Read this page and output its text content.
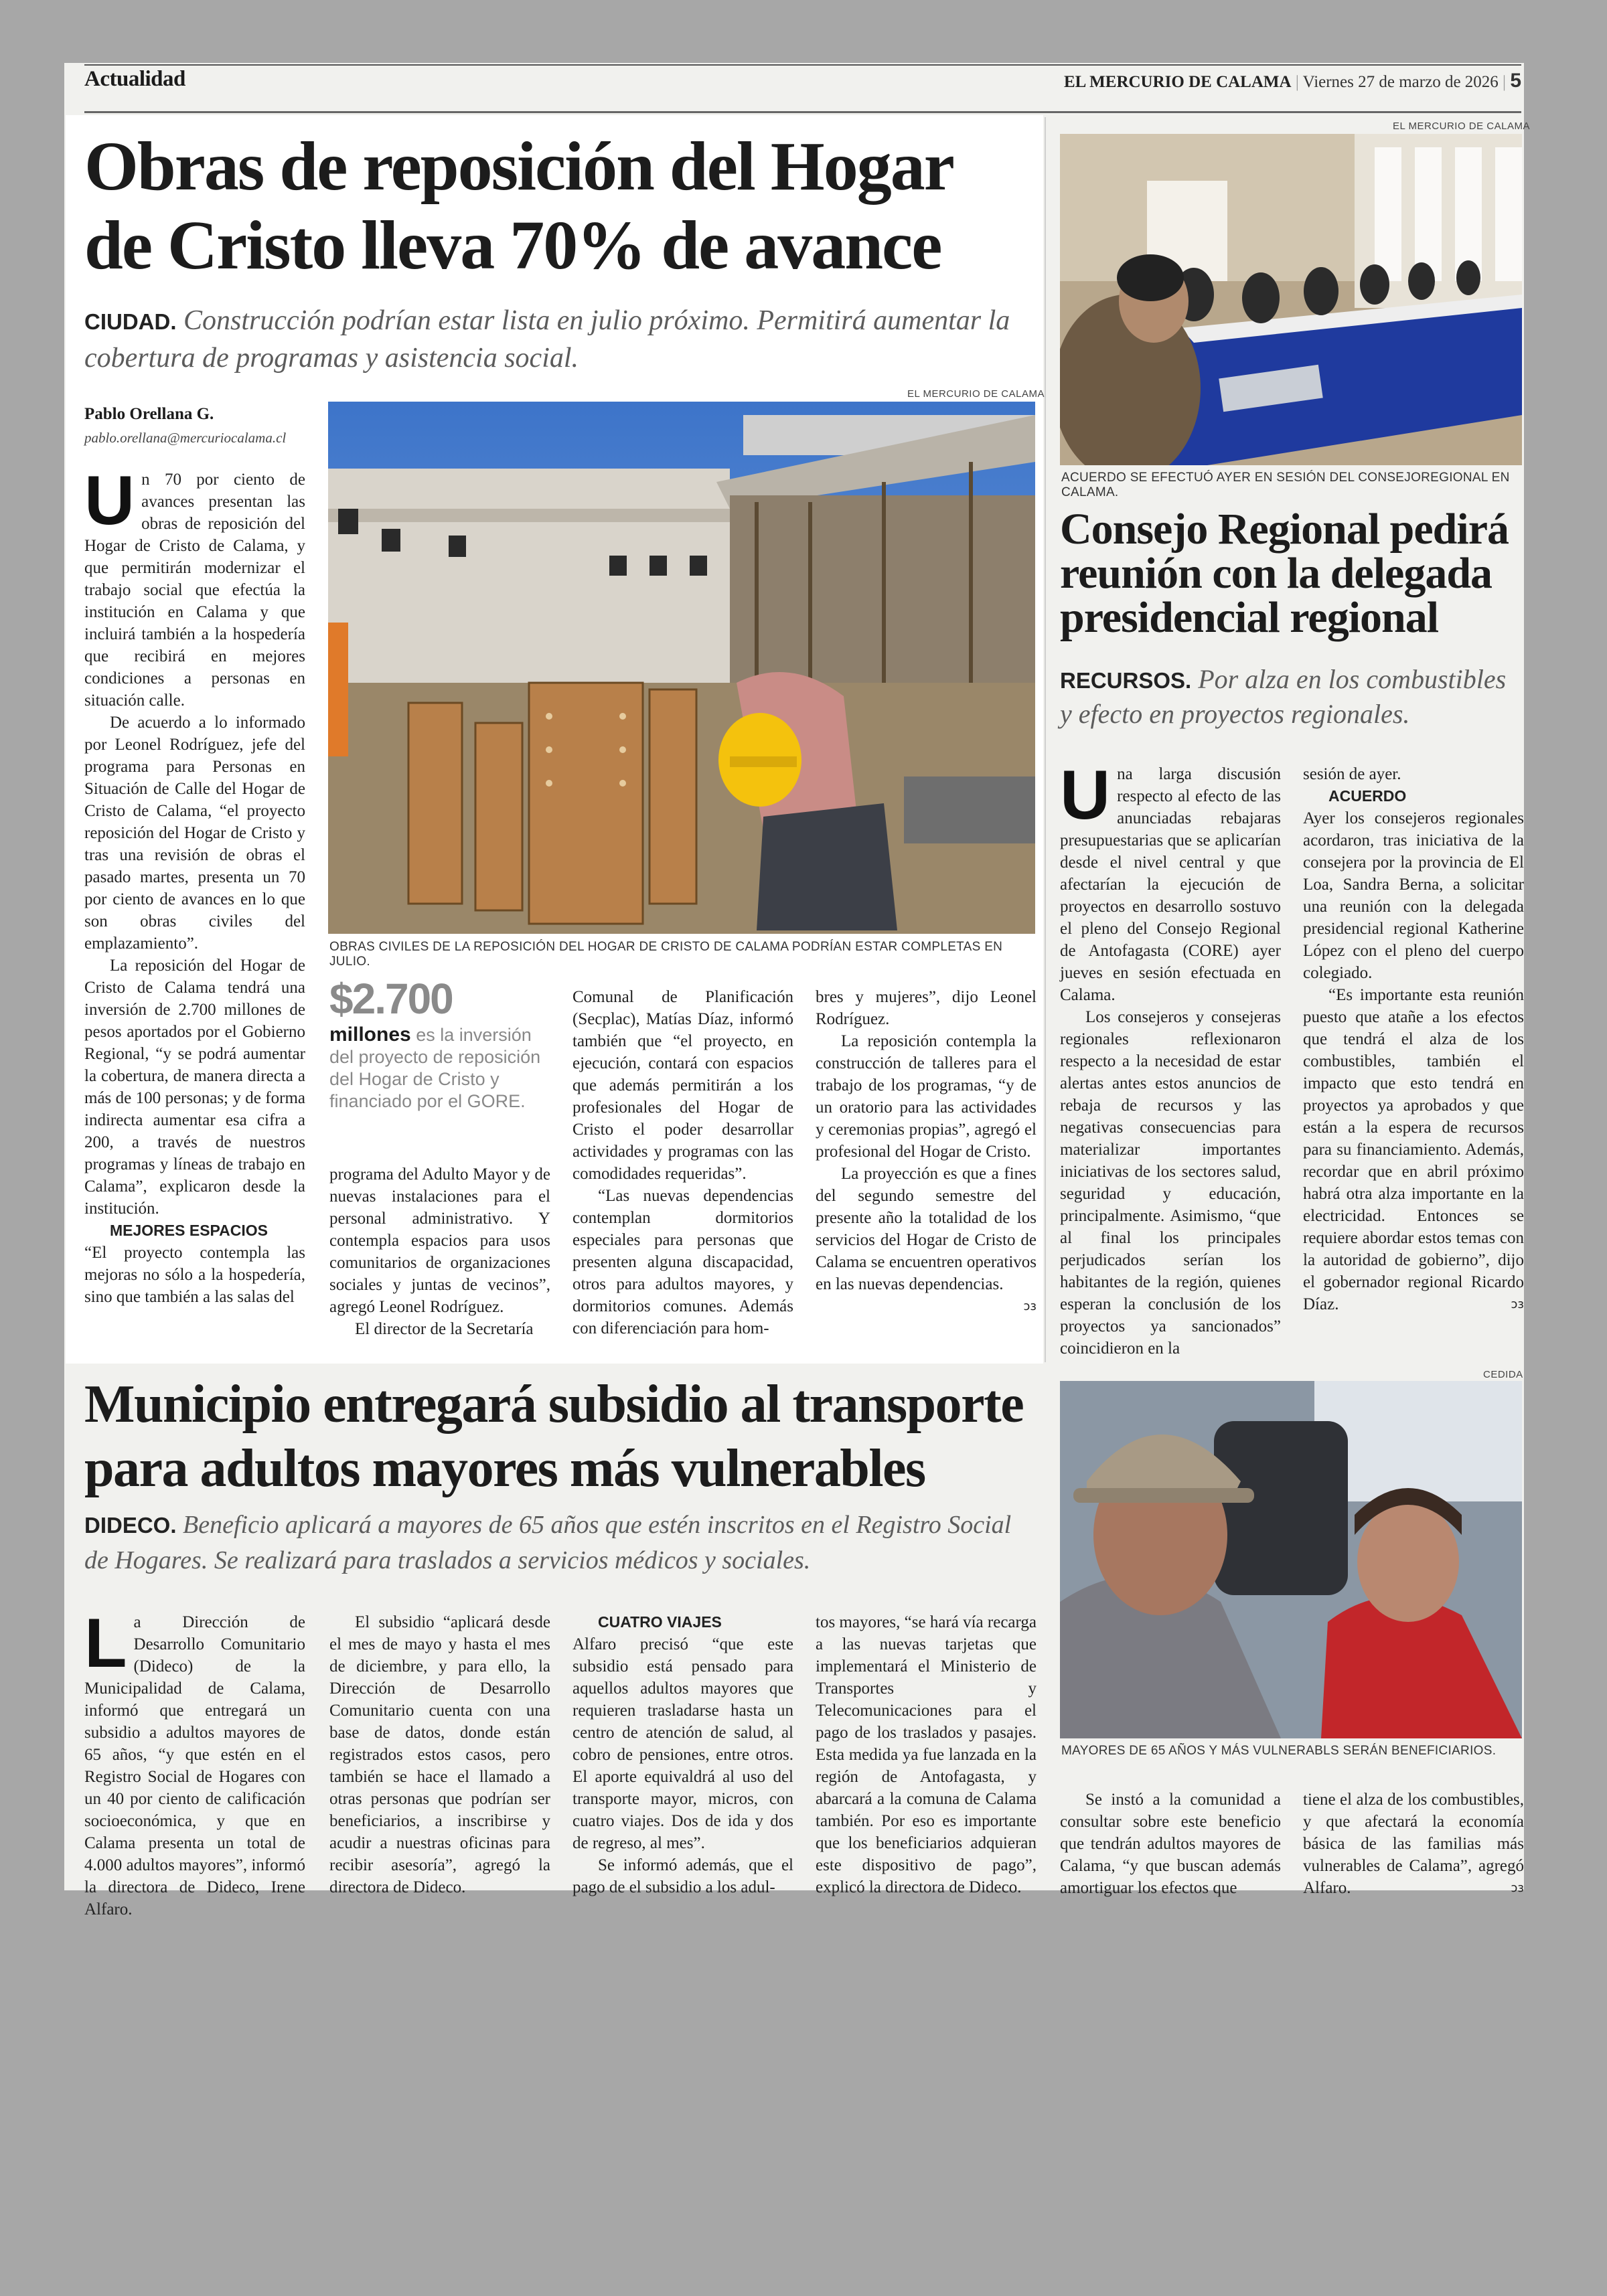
Actualidad	EL MERCURIO DE CALAMA | Viernes 27 de marzo de 2026 | 5
Obras de reposición del Hogar
de Cristo lleva 70% de avance
CIUDAD. Construcción podrían estar lista en julio próximo. Permitirá aumentar la cobertura de programas y asistencia social.
Pablo Orellana G.
pablo.orellana@mercuriocalama.cl
EL MERCURIO DE CALAMA
OBRAS CIVILES DE LA REPOSICIÓN DEL HOGAR DE CRISTO DE CALAMA PODRÍAN ESTAR COMPLETAS EN JULIO.

Un 70 por ciento de avances presentan las obras de reposición del Hogar de Cristo de Calama, y que permitirán modernizar el trabajo social que efectúa la institución en Calama y que incluirá también a la hospedería que recibirá en mejores condiciones a personas en situación calle.

De acuerdo a lo informado por Leonel Rodríguez, jefe del programa para Personas en Situación de Calle del Hogar de Cristo de Calama, “el proyecto reposición del Hogar de Cristo y tras una revisión de obras el pasado martes, presenta un 70 por ciento de avances en lo que son obras civiles del emplazamiento”.

La reposición del Hogar de Cristo de Calama tendrá una inversión de 2.700 millones de pesos aportados por el Gobierno Regional, “y se podrá aumentar la cobertura, de manera directa a más de 100 personas; y de forma indirecta aumentar esa cifra a 200, a través de nuestros programas y líneas de trabajo en Calama”, explicaron desde la institución.

MEJORES ESPACIOS

“El proyecto contempla las mejoras no sólo a la hospedería, sino que también a las salas del

$2.700
millones es la inversión del proyecto de reposición del Hogar de Cristo y financiado por el GORE.

programa del Adulto Mayor y de nuevas instalaciones para el personal administrativo. Y contempla espacios para usos comunitarios de organizaciones sociales y juntas de vecinos”, agregó Leonel Rodríguez.

El director de la Secretaría

Comunal de Planificación (Secplac), Matías Díaz, informó también que “el proyecto, en ejecución, contará con espacios que además permitirán a los profesionales del Hogar de Cristo el poder desarrollar actividades y programas con las comodidades requeridas”.

“Las nuevas dependencias contemplan dormitorios especiales para personas que presenten alguna discapacidad, otros para adultos mayores, y dormitorios comunes. Además con diferenciación para hom-

bres y mujeres”, dijo Leonel Rodríguez.

La reposición contempla la construcción de talleres para el trabajo de los programas, “y de un oratorio para las actividades y ceremonias propias”, agregó el profesional del Hogar de Cristo.

La proyección es que a fines del segundo semestre del presente año la totalidad de los servicios del Hogar de Cristo de Calama se encuentren operativos en las nuevas dependencias.
ↄɜ

EL MERCURIO DE CALAMA
ACUERDO SE EFECTUÓ AYER EN SESIÓN DEL CONSEJOREGIONAL EN CALAMA.
Consejo Regional pedirá
reunión con la delegada
presidencial regional
RECURSOS. Por alza en los combustibles y efecto en proyectos regionales.

Una larga discusión respecto al efecto de las anunciadas rebajaras presupuestarias que se aplicarían desde el nivel central y que afectarían la ejecución de proyectos en desarrollo sostuvo el pleno del Consejo Regional de Antofagasta (CORE) ayer jueves en sesión efectuada en Calama.

Los consejeros y consejeras regionales reflexionaron respecto a la necesidad de estar alertas antes estos anuncios de rebaja de recursos y las negativas consecuencias para materializar importantes iniciativas de los sectores salud, seguridad y educación, principalmente. Asimismo, “que al final los principales perjudicados serían los habitantes de la región, quienes esperan la conclusión de los proyectos ya sancionados” coincidieron en la

sesión de ayer.

ACUERDO

Ayer los consejeros regionales acordaron, tras iniciativa de la consejera por la provincia de El Loa, Sandra Berna, a solicitar una reunión con la delegada presidencial regional Katherine López con el pleno del cuerpo colegiado.

“Es importante esta reunión puesto que atañe a los efectos que tendrá el alza de los combustibles, también el impacto que esto tendrá en proyectos ya aprobados y que están a la espera de recursos para su financiamiento. Además, recordar que en abril próximo habrá otra alza importante en la electricidad. Entonces se requiere abordar estos temas con la autoridad de gobierno”, dijo el gobernador regional Ricardo Díaz.	ↄɜ

Municipio entregará subsidio al transporte
para adultos mayores más vulnerables
DIDECO. Beneficio aplicará a mayores de 65 años que estén inscritos en el Registro Social de Hogares. Se realizará para traslados a servicios médicos y sociales.
CEDIDA
MAYORES DE 65 AÑOS Y MÁS VULNERABLS SERÁN BENEFICIARIOS.

La Dirección de Desarrollo Comunitario (Dideco) de la Municipalidad de Calama, informó que entregará un subsidio a adultos mayores de 65 años, “y que estén en el Registro Social de Hogares con un 40 por ciento de calificación socioeconómica, y que en Calama presenta un total de 4.000 adultos mayores”, informó la directora de Dideco, Irene Alfaro.

El subsidio “aplicará desde el mes de mayo y hasta el mes de diciembre, y para ello, la Dirección de Desarrollo Comunitario cuenta con una base de datos, donde están registrados estos casos, pero también se hace el llamado a otras personas que podrían ser beneficiarios, a inscribirse y acudir a nuestras oficinas para recibir asesoría”, agregó la directora de Dideco.

CUATRO VIAJES

Alfaro precisó “que este subsidio está pensado para aquellos adultos mayores que requieren trasladarse hasta un centro de atención de salud, al cobro de pensiones, entre otros. El aporte equivaldrá al uso del transporte mayor, micros, con cuatro viajes. Dos de ida y dos de regreso, al mes”.

Se informó además, que el pago de el subsidio a los adul-

tos mayores, “se hará vía recarga a las nuevas tarjetas que implementará el Ministerio de Transportes y Telecomunicaciones para el pago de los traslados y pasajes. Esta medida ya fue lanzada en la región de Antofagasta, y abarcará a la comuna de Calama también. Por eso es importante que los beneficiarios adquieran este dispositivo de pago”, explicó la directora de Dideco.

Se instó a la comunidad a consultar sobre este beneficio que tendrán adultos mayores de Calama, “y que buscan además amortiguar los efectos que

tiene el alza de los combustibles, y que afectará la economía básica de las familias más vulnerables de Calama”, agregó Alfaro.	ↄɜ
